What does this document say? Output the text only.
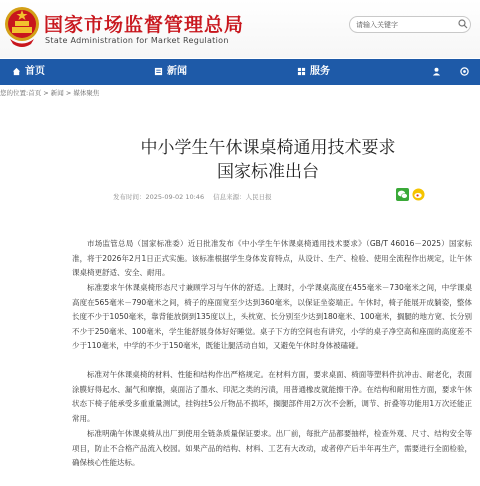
国家市场监督管理总局
State Administration for Market Regulation
请输入关键字
首页	新闻	服务
您的位置:首页 > 新闻 > 媒体聚焦
中小学生午休课桌椅通用技术要求
国家标准出台
发布时间：2025-09-02 10:46 信息来源：人民日报

市场监管总局（国家标准委）近日批准发布《中小学生午休课桌椅通用技术要求》（GB/T 46016－2025）国家标准，将于2026年2月1日正式实施。该标准根据学生身体发育特点，从设计、生产、检验、使用全流程作出规定，让午休课桌椅更舒适、安全、耐用。

标准要求午休课桌椅形态尺寸兼顾学习与午休的舒适。上课时，小学课桌高度在455毫米－730毫米之间，中学课桌高度在565毫米－790毫米之间，椅子的座面宽至少达到360毫米，以保证坐姿端正。午休时，椅子能展开成躺姿，整体长度不少于1050毫米，靠背能放倒到135度以上，头枕宽、长分别至少达到180毫米、100毫米，搁腿的地方宽、长分别不少于250毫米、100毫米，学生能舒展身体好好睡觉。桌子下方的空间也有讲究，小学的桌子净空高和座面的高度差不少于110毫米，中学的不少于150毫米，既能让腿活动自如，又避免午休时身体被磕碰。

标准对午休课桌椅的材料、性能和结构作出严格规定。在材料方面，要求桌面、椅面等塑料件抗冲击、耐老化，表面涂膜好得起水、漏气和摩擦，桌面沾了墨水、印泥之类的污渍，用普通橡皮就能擦干净。在结构和耐用性方面，要求午休状态下椅子能承受多重重量测试，挂钩挂5公斤物品不损坏，搁腿部件用2万次不会断，调节、折叠等功能用1万次还能正常用。

标准明确午休课桌椅从出厂到使用全链条质量保证要求。出厂前，每批产品都要抽样，检查外观、尺寸、结构安全等项目，防止不合格产品流入校园。如果产品的结构、材料、工艺有大改动，或者停产后半年再生产，需要进行全面检验，确保核心性能达标。
